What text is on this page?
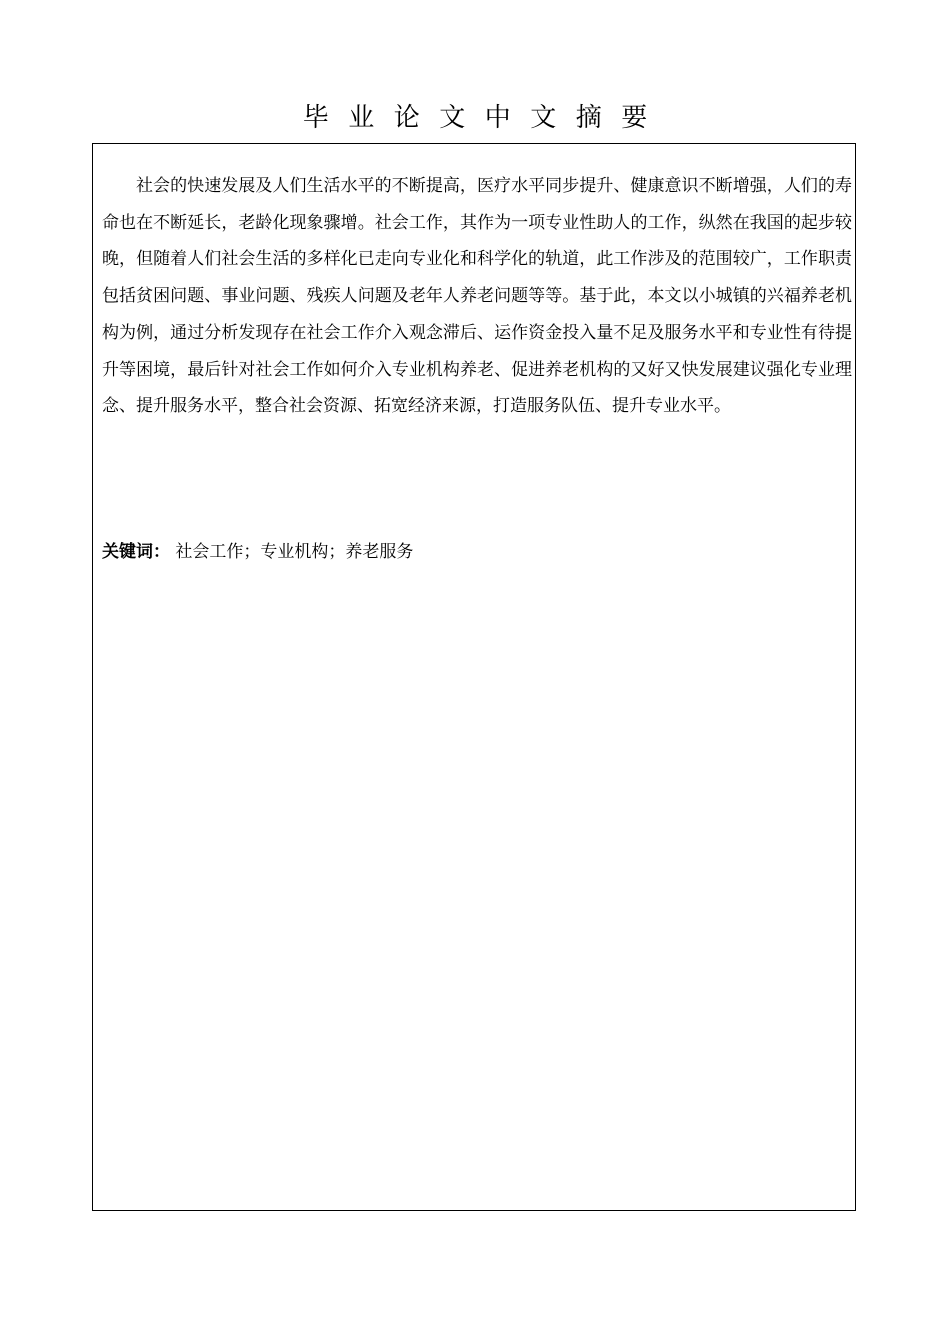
毕业论文中文摘要

社会的快速发展及人们生活水平的不断提高，医疗水平同步提升、健康意识不断增强，人们的寿命也在不断延长，老龄化现象骤增。社会工作，其作为一项专业性助人的工作，纵然在我国的起步较晚，但随着人们社会生活的多样化已走向专业化和科学化的轨道，此工作涉及的范围较广，工作职责包括贫困问题、事业问题、残疾人问题及老年人养老问题等等。基于此，本文以小城镇的兴福养老机构为例，通过分析发现存在社会工作介入观念滞后、运作资金投入量不足及服务水平和专业性有待提升等困境，最后针对社会工作如何介入专业机构养老、促进养老机构的又好又快发展建议强化专业理念、提升服务水平，整合社会资源、拓宽经济来源，打造服务队伍、提升专业水平。

关键词： 社会工作；专业机构；养老服务
